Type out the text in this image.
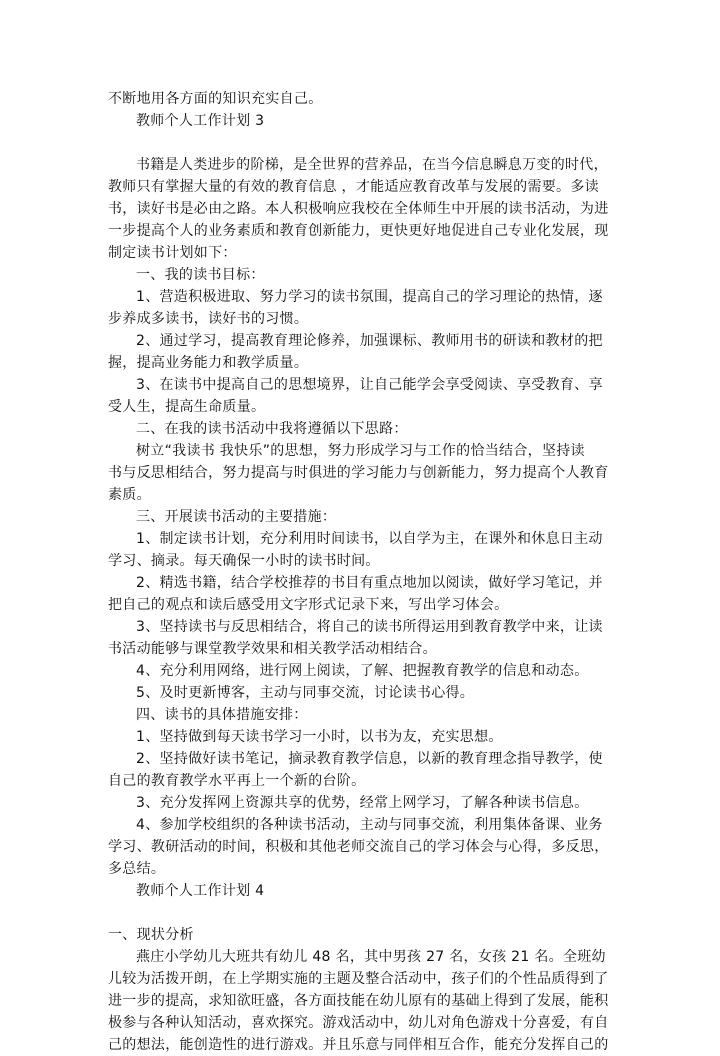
不断地用各方面的知识充实自己。
教师个人工作计划 3
书籍是人类进步的阶梯，是全世界的营养品，在当今信息瞬息万变的时代，
教师只有掌握大量的有效的教育信息 ，才能适应教育改革与发展的需要。多读
书，读好书是必由之路。本人积极响应我校在全体师生中开展的读书活动，为进
一步提高个人的业务素质和教育创新能力，更快更好地促进自己专业化发展，现
制定读书计划如下：
一、我的读书目标：
1、营造积极进取、努力学习的读书氛围，提高自己的学习理论的热情，逐
步养成多读书，读好书的习惯。
2、通过学习，提高教育理论修养，加强课标、教师用书的研读和教材的把
握，提高业务能力和教学质量。
3、在读书中提高自己的思想境界，让自己能学会享受阅读、享受教育、享
受人生，提高生命质量。
二、在我的读书活动中我将遵循以下思路：
树立“我读书 我快乐”的思想，努力形成学习与工作的恰当结合，坚持读
书与反思相结合，努力提高与时俱进的学习能力与创新能力，努力提高个人教育
素质。
三、开展读书活动的主要措施：
1、制定读书计划，充分利用时间读书，以自学为主，在课外和休息日主动
学习、摘录。每天确保一小时的读书时间。
2、精选书籍，结合学校推荐的书目有重点地加以阅读，做好学习笔记，并
把自己的观点和读后感受用文字形式记录下来，写出学习体会。
3、坚持读书与反思相结合，将自己的读书所得运用到教育教学中来，让读
书活动能够与课堂教学效果和相关教学活动相结合。
4、充分利用网络，进行网上阅读，了解、把握教育教学的信息和动态。
5、及时更新博客，主动与同事交流，讨论读书心得。
四、读书的具体措施安排：
1、坚持做到每天读书学习一小时，以书为友，充实思想。
2、坚持做好读书笔记，摘录教育教学信息，以新的教育理念指导教学，使
自己的教育教学水平再上一个新的台阶。
3、充分发挥网上资源共享的优势，经常上网学习，了解各种读书信息。
4、参加学校组织的各种读书活动，主动与同事交流，利用集体备课、业务
学习、教研活动的时间，积极和其他老师交流自己的学习体会与心得，多反思，
多总结。
教师个人工作计划 4
一、现状分析
燕庄小学幼儿大班共有幼儿 48 名，其中男孩 27 名，女孩 21 名。全班幼
儿较为活拨开朗，在上学期实施的主题及整合活动中，孩子们的个性品质得到了
进一步的提高，求知欲旺盛，各方面技能在幼儿原有的基础上得到了发展，能积
极参与各种认知活动，喜欢探究。游戏活动中，幼儿对角色游戏十分喜爱，有自
己的想法，能创造性的进行游戏。并且乐意与同伴相互合作，能充分发挥自己的
